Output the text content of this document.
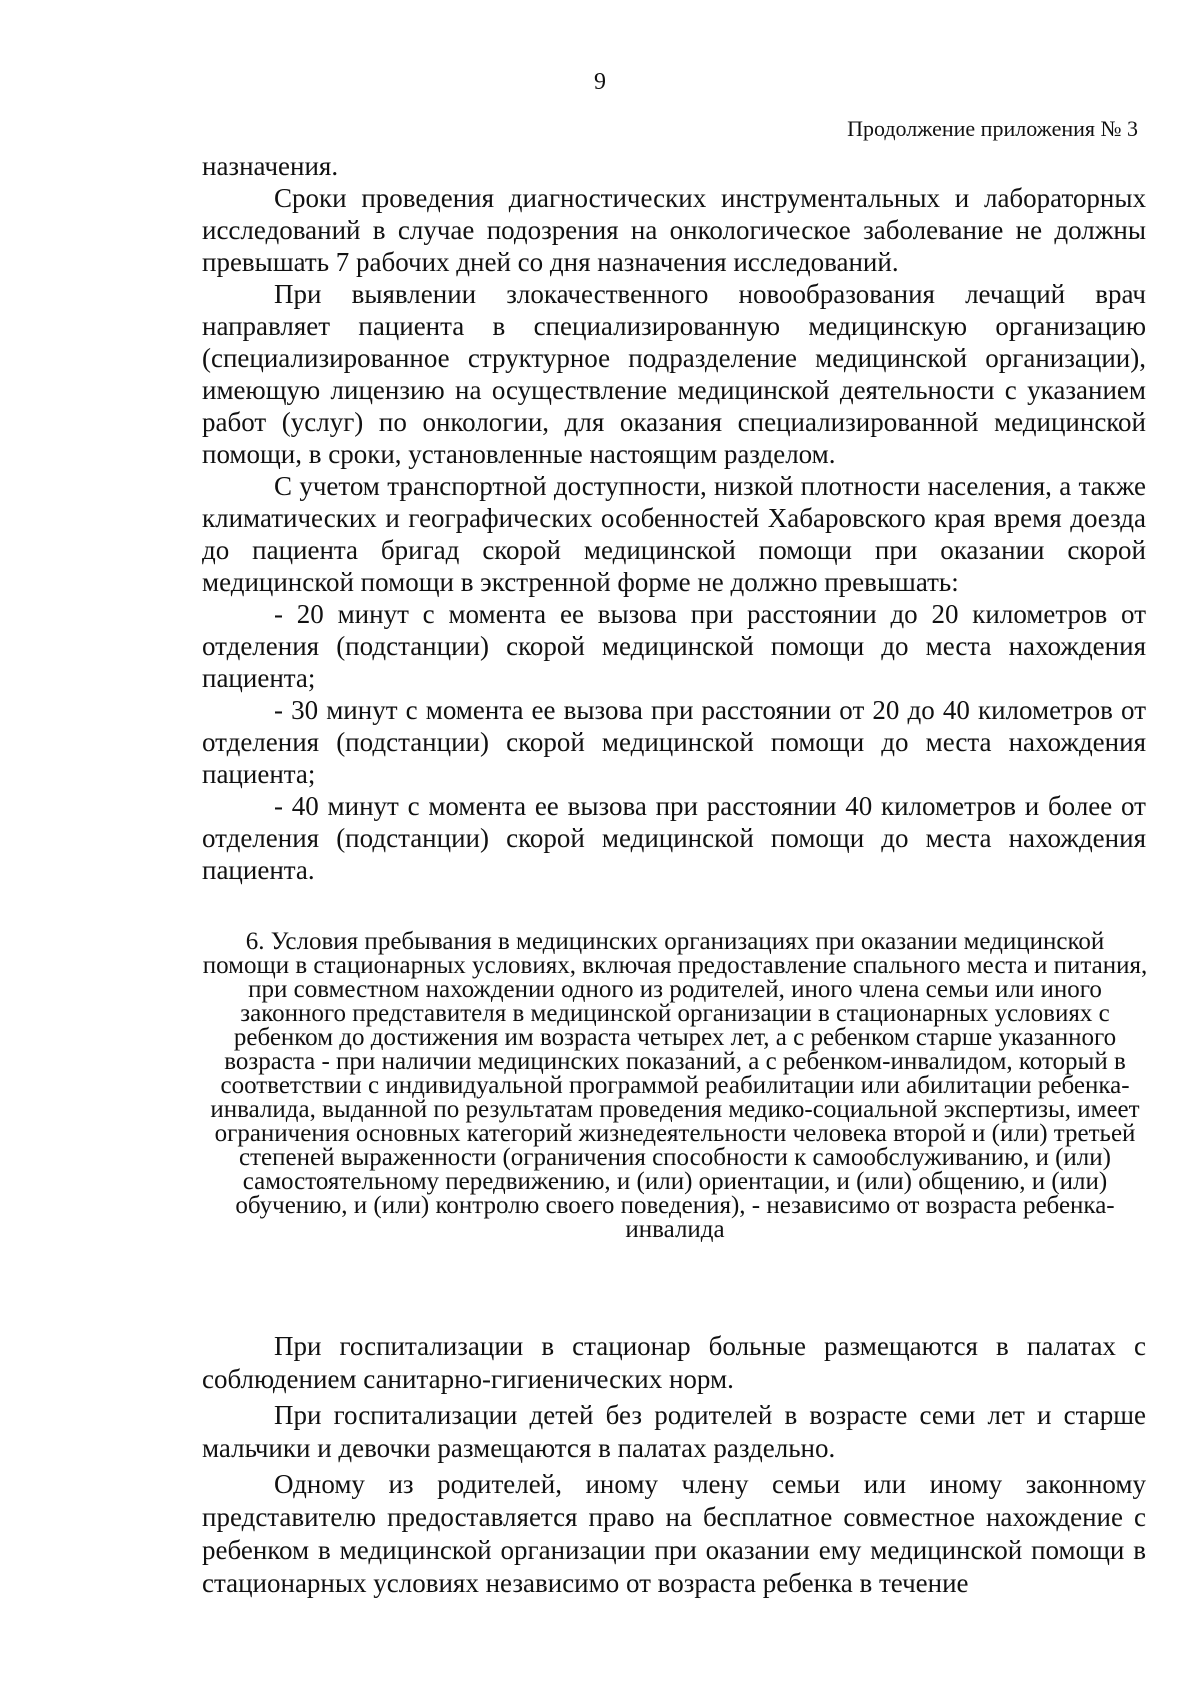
9
Продолжение приложения № 3

назначения.

Сроки проведения диагностических инструментальных и лабораторных исследований в случае подозрения на онкологическое заболевание не должны превышать 7 рабочих дней со дня назначения исследований.

При выявлении злокачественного новообразования лечащий врач направляет пациента в специализированную медицинскую организацию (специализированное структурное подразделение медицинской организации), имеющую лицензию на осуществление медицинской деятельности с указанием работ (услуг) по онкологии, для оказания специализированной медицинской помощи, в сроки, установленные настоящим разделом.

С учетом транспортной доступности, низкой плотности населения, а также климатических и географических особенностей Хабаровского края время доезда до пациента бригад скорой медицинской помощи при оказании скорой медицинской помощи в экстренной форме не должно превышать:

- 20 минут с момента ее вызова при расстоянии до 20 километров от отделения (подстанции) скорой медицинской помощи до места нахождения пациента;

- 30 минут с момента ее вызова при расстоянии от 20 до 40 километров от отделения (подстанции) скорой медицинской помощи до места нахождения пациента;

- 40 минут с момента ее вызова при расстоянии 40 километров и более от отделения (подстанции) скорой медицинской помощи до места нахождения пациента.

6. Условия пребывания в медицинских организациях при оказании медицинской помощи в стационарных условиях, включая предоставление спального места и питания, при совместном нахождении одного из родителей, иного члена семьи или иного законного представителя в медицинской организации в стационарных условиях с ребенком до достижения им возраста четырех лет, а с ребенком старше указанного возраста - при наличии медицинских показаний, а с ребенком-инвалидом, который в соответствии с индивидуальной программой реабилитации или абилитации ребенка-инвалида, выданной по результатам проведения медико-социальной экспертизы, имеет ограничения основных категорий жизнедеятельности человека второй и (или) третьей степеней выраженности (ограничения способности к самообслуживанию, и (или) самостоятельному передвижению, и (или) ориентации, и (или) общению, и (или) обучению, и (или) контролю своего поведения), - независимо от возраста ребенка-инвалида

При госпитализации в стационар больные размещаются в палатах с соблюдением санитарно-гигиенических норм.

При госпитализации детей без родителей в возрасте семи лет и старше мальчики и девочки размещаются в палатах раздельно.

Одному из родителей, иному члену семьи или иному законному представителю предоставляется право на бесплатное совместное нахождение с ребенком в медицинской организации при оказании ему медицинской помощи в стационарных условиях независимо от возраста ребенка в течение
